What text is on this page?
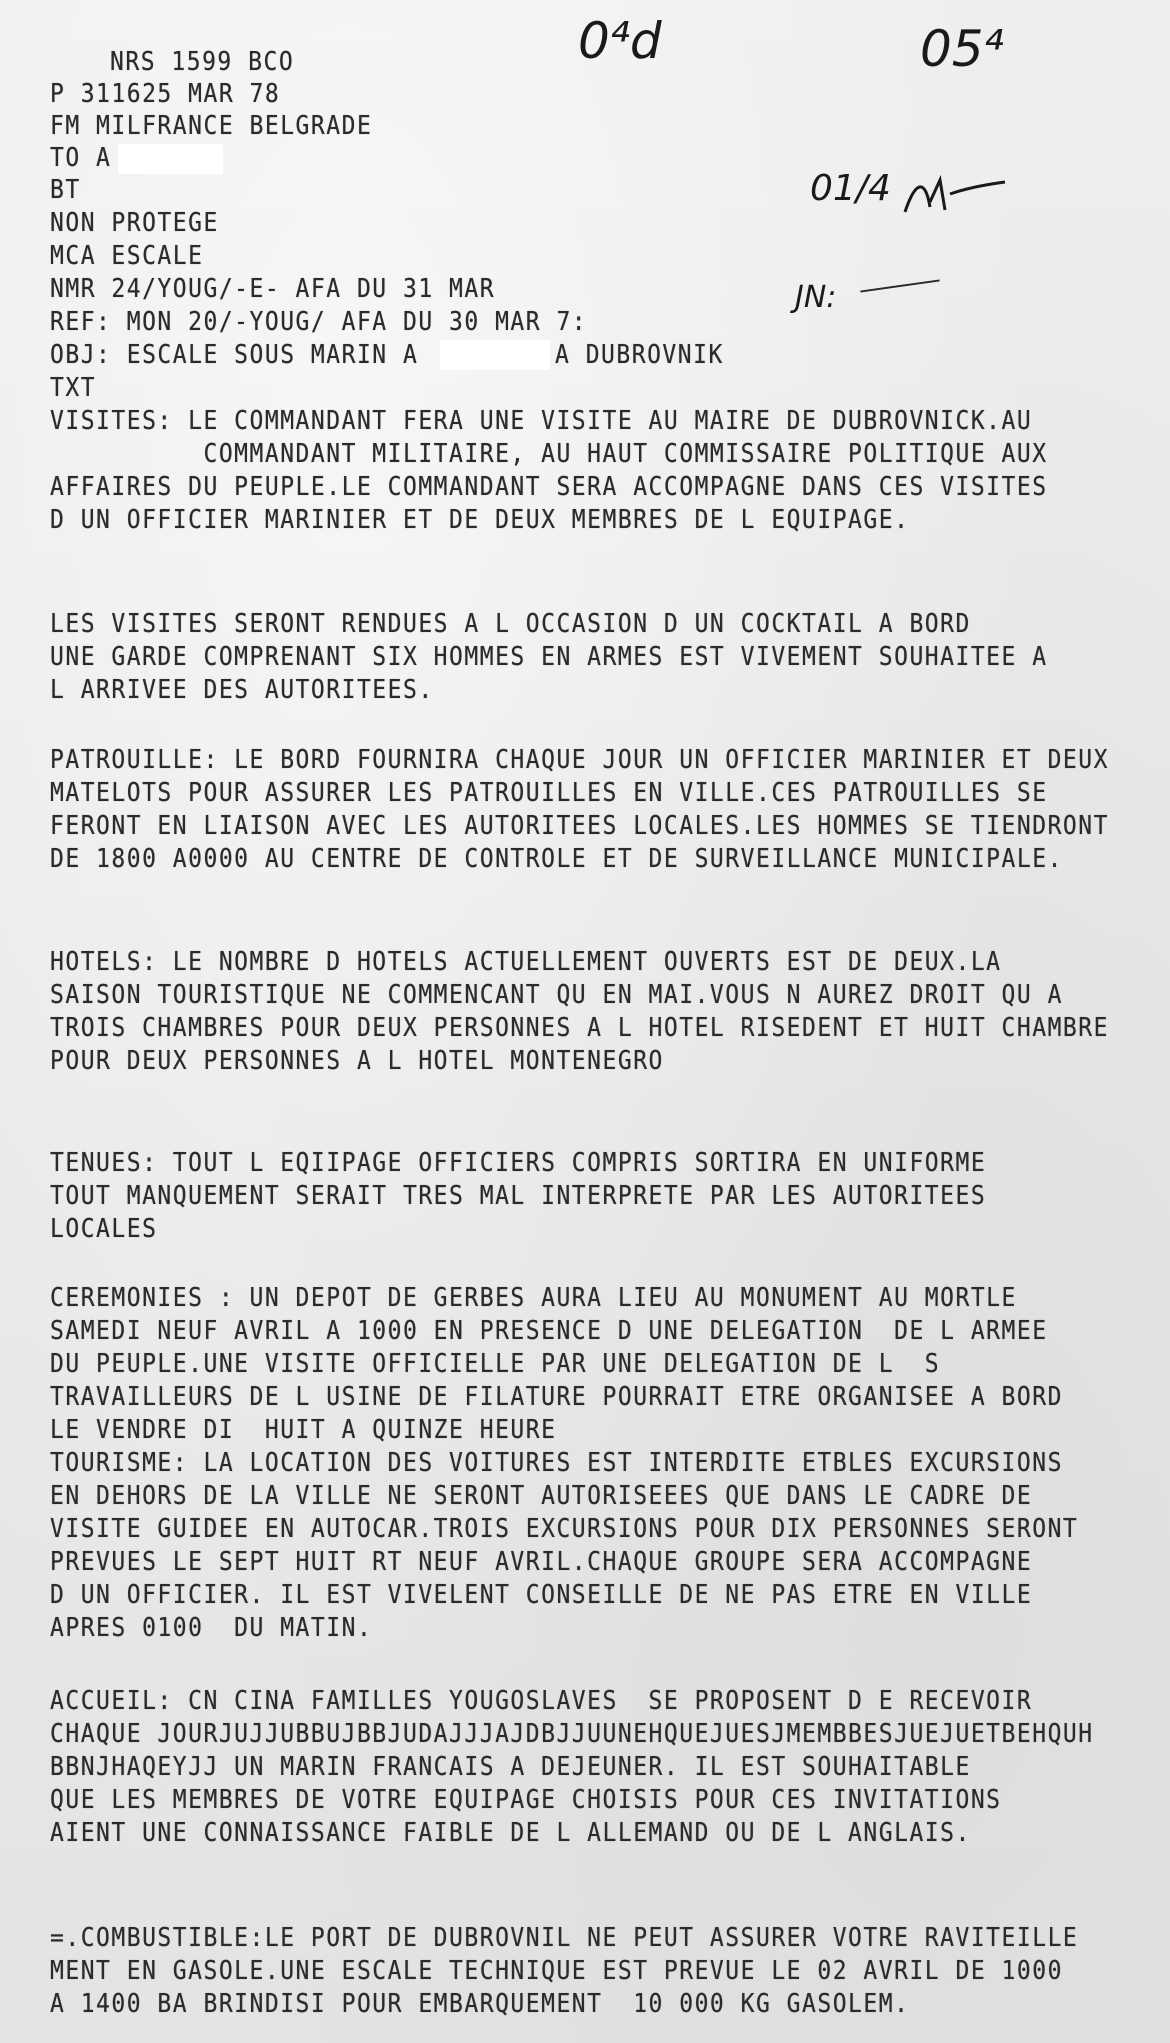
0⁴d	05⁴
01/4
JN:
NRS 1599 BCO
P 311625 MAR 78
FM MILFRANCE BELGRADE
TO A
BT
NON PROTEGE
MCA ESCALE
NMR 24/YOUG/-E- AFA DU 31 MAR
REF: MON 20/-YOUG/ AFA DU 30 MAR 7:
OBJ: ESCALE SOUS MARIN A	A DUBROVNIK
TXT
VISITES: LE COMMANDANT FERA UNE VISITE AU MAIRE DE DUBROVNICK.AU
COMMANDANT MILITAIRE, AU HAUT COMMISSAIRE POLITIQUE AUX
AFFAIRES DU PEUPLE.LE COMMANDANT SERA ACCOMPAGNE DANS CES VISITES
D UN OFFICIER MARINIER ET DE DEUX MEMBRES DE L EQUIPAGE.
LES VISITES SERONT RENDUES A L OCCASION D UN COCKTAIL A BORD
UNE GARDE COMPRENANT SIX HOMMES EN ARMES EST VIVEMENT SOUHAITEE A
L ARRIVEE DES AUTORITEES.
PATROUILLE: LE BORD FOURNIRA CHAQUE JOUR UN OFFICIER MARINIER ET DEUX
MATELOTS POUR ASSURER LES PATROUILLES EN VILLE.CES PATROUILLES SE
FERONT EN LIAISON AVEC LES AUTORITEES LOCALES.LES HOMMES SE TIENDRONT
DE 1800 A0000 AU CENTRE DE CONTROLE ET DE SURVEILLANCE MUNICIPALE.
HOTELS: LE NOMBRE D HOTELS ACTUELLEMENT OUVERTS EST DE DEUX.LA
SAISON TOURISTIQUE NE COMMENCANT QU EN MAI.VOUS N AUREZ DROIT QU A
TROIS CHAMBRES POUR DEUX PERSONNES A L HOTEL RISEDENT ET HUIT CHAMBRE
POUR DEUX PERSONNES A L HOTEL MONTENEGRO
TENUES: TOUT L EQIIPAGE OFFICIERS COMPRIS SORTIRA EN UNIFORME
TOUT MANQUEMENT SERAIT TRES MAL INTERPRETE PAR LES AUTORITEES
LOCALES
CEREMONIES : UN DEPOT DE GERBES AURA LIEU AU MONUMENT AU MORTLE
SAMEDI NEUF AVRIL A 1000 EN PRESENCE D UNE DELEGATION  DE L ARMEE
DU PEUPLE.UNE VISITE OFFICIELLE PAR UNE DELEGATION DE L  S
TRAVAILLEURS DE L USINE DE FILATURE POURRAIT ETRE ORGANISEE A BORD
LE VENDRE DI  HUIT A QUINZE HEURE
TOURISME: LA LOCATION DES VOITURES EST INTERDITE ETBLES EXCURSIONS
EN DEHORS DE LA VILLE NE SERONT AUTORISEEES QUE DANS LE CADRE DE
VISITE GUIDEE EN AUTOCAR.TROIS EXCURSIONS POUR DIX PERSONNES SERONT
PREVUES LE SEPT HUIT RT NEUF AVRIL.CHAQUE GROUPE SERA ACCOMPAGNE
D UN OFFICIER. IL EST VIVELENT CONSEILLE DE NE PAS ETRE EN VILLE
APRES 0100  DU MATIN.
ACCUEIL: CN CINA FAMILLES YOUGOSLAVES  SE PROPOSENT D E RECEVOIR
CHAQUE JOURJUJJUBBUJBBJUDAJJJAJDBJJUUNEHQUEJUESJMEMBBESJUEJUETBEHQUH
BBNJHAQEYJJ UN MARIN FRANCAIS A DEJEUNER. IL EST SOUHAITABLE
QUE LES MEMBRES DE VOTRE EQUIPAGE CHOISIS POUR CES INVITATIONS
AIENT UNE CONNAISSANCE FAIBLE DE L ALLEMAND OU DE L ANGLAIS.
=.COMBUSTIBLE:LE PORT DE DUBROVNIL NE PEUT ASSURER VOTRE RAVITEILLE
MENT EN GASOLE.UNE ESCALE TECHNIQUE EST PREVUE LE 02 AVRIL DE 1000
A 1400 BA BRINDISI POUR EMBARQUEMENT  10 000 KG GASOLEM.
